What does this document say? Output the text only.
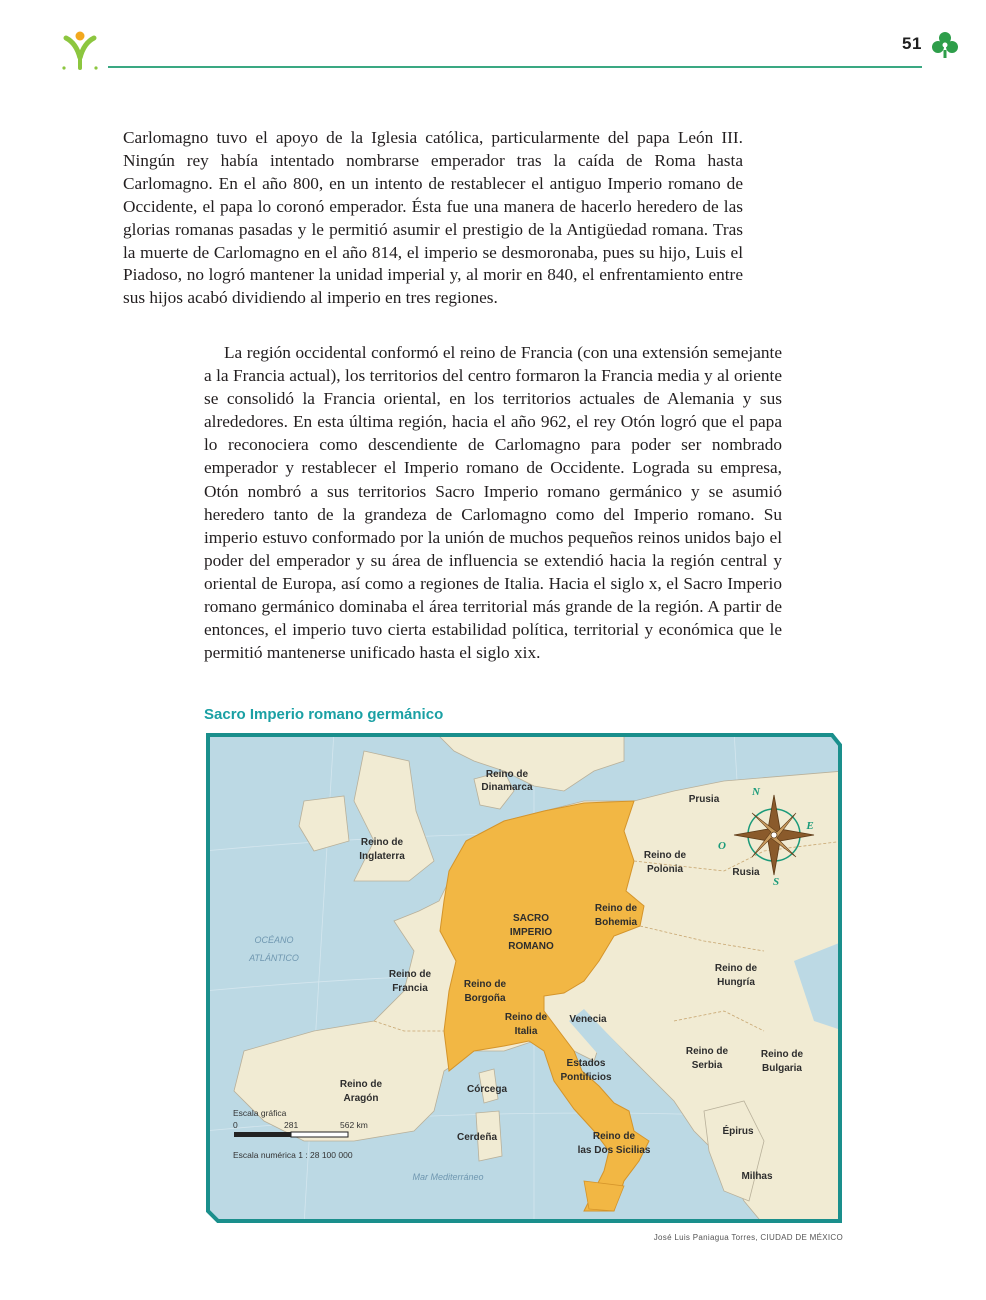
51

Carlomagno tuvo el apoyo de la Iglesia católica, particularmente del papa León III. Ningún rey había intentado nombrarse emperador tras la caída de Roma hasta Carlomagno. En el año 800, en un intento de restablecer el antiguo Imperio romano de Occidente, el papa lo coronó emperador. Ésta fue una manera de hacerlo heredero de las glorias romanas pasadas y le permitió asumir el prestigio de la Antigüedad romana. Tras la muerte de Carlomagno en el año 814, el imperio se desmoronaba, pues su hijo, Luis el Piadoso, no logró mantener la unidad imperial y, al morir en 840, el enfrentamiento entre sus hijos acabó dividiendo al imperio en tres regiones.

La región occidental conformó el reino de Francia (con una extensión semejante a la Francia actual), los territorios del centro formaron la Francia media y al oriente se consolidó la Francia oriental, en los territorios actuales de Alemania y sus alrededores. En esta última región, hacia el año 962, el rey Otón logró que el papa lo reconociera como descendiente de Carlomagno para poder ser nombrado emperador y restablecer el Imperio romano de Occidente. Lograda su empresa, Otón nombró a sus territorios Sacro Imperio romano germánico y se asumió heredero tanto de la grandeza de Carlomagno como del Imperio romano. Su imperio estuvo conformado por la unión de muchos pequeños reinos unidos bajo el poder del emperador y su área de influencia se extendió hacia la región central y oriental de Europa, así como a regiones de Italia. Hacia el siglo x, el Sacro Imperio romano germánico dominaba el área territorial más grande de la región. A partir de entonces, el imperio tuvo cierta estabilidad política, territorial y económica que le permitió mantenerse unificado hasta el siglo xix.

Sacro Imperio romano germánico
Reino de
Dinamarca
Prusia
Reino de
Inglaterra	Reino de
Polonia	Rusia
SACRO
IMPERIO
ROMANO
Reino de
Bohemia
OCÉANO
ATLÁNTICO
Reino de
Francia	Reino de
Borgoña
Reino de
Hungría
Reino de
Italia
Venecia
Estados
Pontificios
Reino de
Serbia
Reino de
Bulgaria
Reino de
Aragón
Córcega
Cerdeña	Reino de
las Dos Sicilias
Épirus
Milhas
Mar Mediterráneo
N
E
O
S
Escala gráfica
0	281	562 km
Escala numérica 1 : 28 100 000
José Luis Paniagua Torres, CIUDAD DE MÉXICO
